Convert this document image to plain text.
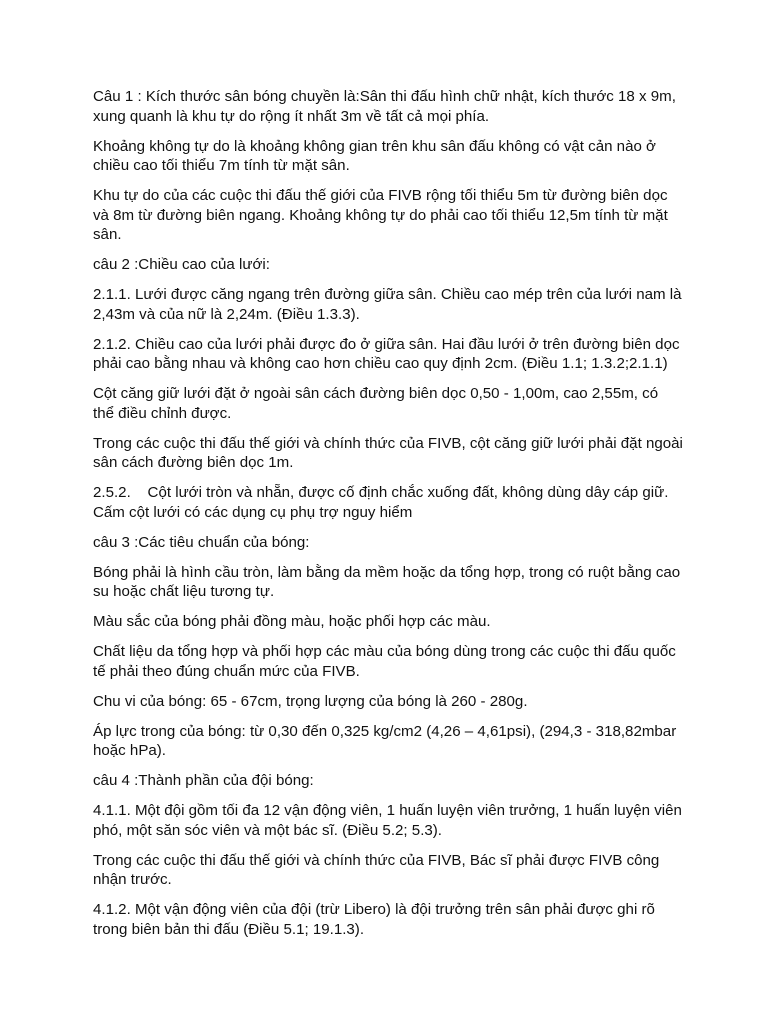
Câu 1 : Kích thước sân bóng chuyền là:Sân thi đấu hình chữ nhật, kích thước 18 x 9m, xung quanh là khu tự do rộng ít nhất 3m về tất cả mọi phía.

Khoảng không tự do là khoảng không gian trên khu sân đấu không có vật cản nào ở chiều cao tối thiểu 7m tính từ mặt sân.

Khu tự do của các cuộc thi đấu thế giới của FIVB rộng tối thiểu 5m từ đường biên dọc và 8m từ đường biên ngang. Khoảng không tự do phải cao tối thiểu 12,5m tính từ mặt sân.

câu 2 :Chiều cao của lưới:

2.1.1. Lưới được căng ngang trên đường giữa sân. Chiều cao mép trên của lưới nam là 2,43m và của nữ là 2,24m. (Điều 1.3.3).

2.1.2. Chiều cao của lưới phải được đo ở giữa sân. Hai đầu lưới ở trên đường biên dọc phải cao bằng nhau và không cao hơn chiều cao quy định 2cm. (Điều 1.1; 1.3.2;2.1.1)

Cột căng giữ lưới đặt ở ngoài sân cách đường biên dọc 0,50 - 1,00m, cao 2,55m, có thể điều chỉnh được.

Trong các cuộc thi đấu thế giới và chính thức của FIVB, cột căng giữ lưới phải đặt ngoài sân cách đường biên dọc 1m.

2.5.2.    Cột lưới tròn và nhẵn, được cố định chắc xuống đất, không dùng dây cáp giữ. Cấm cột lưới có các dụng cụ phụ trợ nguy hiểm

câu 3 :Các tiêu chuẩn của bóng:

Bóng phải là hình cầu tròn, làm bằng da mềm hoặc da tổng hợp, trong có ruột bằng cao su hoặc chất liệu tương tự.

Màu sắc của bóng phải đồng màu, hoặc phối hợp các màu.

Chất liệu da tổng hợp và phối hợp các màu của bóng dùng trong các cuộc thi đấu quốc tế phải theo đúng chuẩn mức của FIVB.

Chu vi của bóng: 65 - 67cm, trọng lượng của bóng là 260 - 280g.

Áp lực trong của bóng: từ 0,30 đến 0,325 kg/cm2 (4,26 – 4,61psi), (294,3 - 318,82mbar hoặc hPa).

câu 4 :Thành phần của đội bóng:

4.1.1. Một đội gồm tối đa 12 vận động viên, 1 huấn luyện viên trưởng, 1 huấn luyện viên phó, một săn sóc viên và một bác sĩ. (Điều 5.2; 5.3).

Trong các cuộc thi đấu thế giới và chính thức của FIVB, Bác sĩ phải được FIVB công nhận trước.

4.1.2. Một vận động viên của đội (trừ Libero) là đội trưởng trên sân phải được ghi rõ trong biên bản thi đấu (Điều 5.1; 19.1.3).
